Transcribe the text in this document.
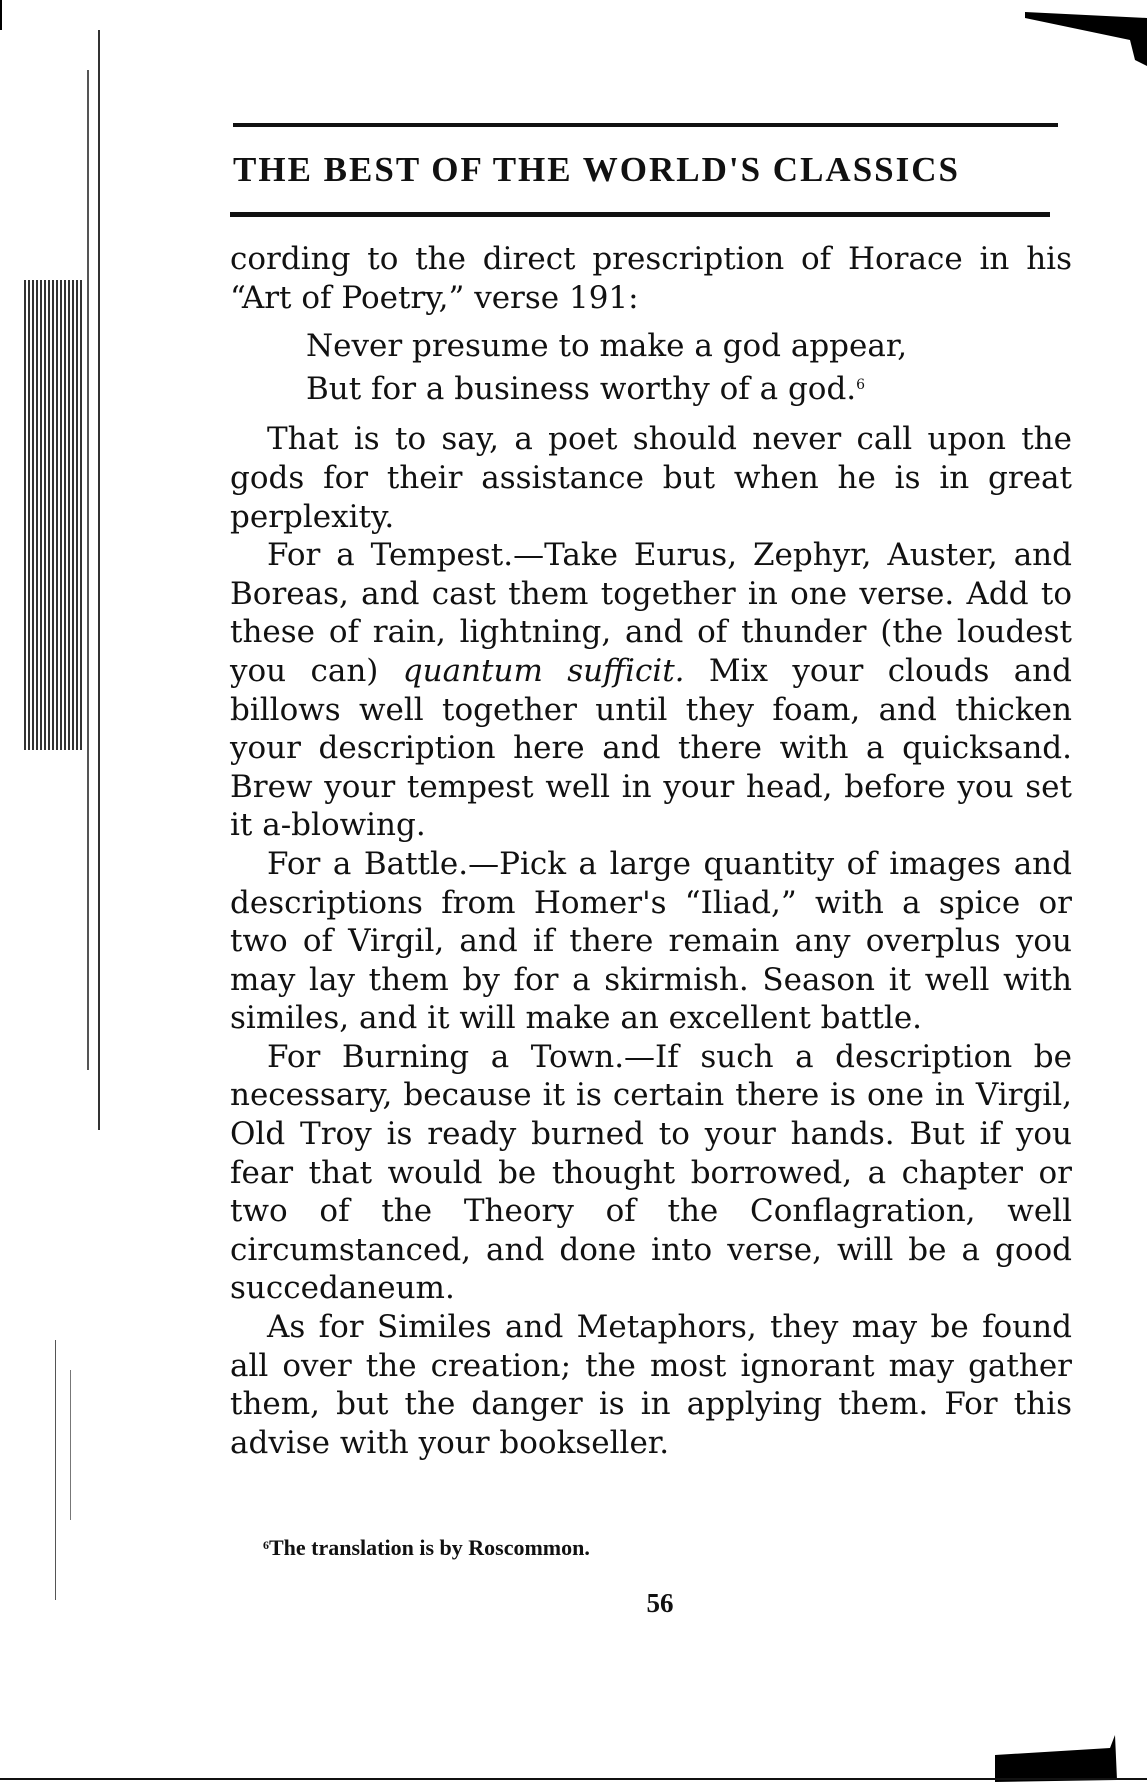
THE BEST OF THE WORLD'S CLASSICS

cording to the direct prescription of Horace in his “Art of Poetry,” verse 191:

Never presume to make a god appear,
But for a business worthy of a god.$^6$

That is to say, a poet should never call upon the gods for their assistance but when he is in great perplexity.

For a Tempest.—Take Eurus, Zephyr, Auster, and Boreas, and cast them together in one verse. Add to these of rain, lightning, and of thunder (the loudest you can) quantum sufficit. Mix your clouds and billows well together until they foam, and thicken your description here and there with a quicksand. Brew your tempest well in your head, before you set it a-blowing.

For a Battle.—Pick a large quantity of images and descriptions from Homer's “Iliad,” with a spice or two of Virgil, and if there remain any overplus you may lay them by for a skirmish. Season it well with similes, and it will make an excellent battle.

For Burning a Town.—If such a description be necessary, because it is certain there is one in Virgil, Old Troy is ready burned to your hands. But if you fear that would be thought borrowed, a chapter or two of the Theory of the Conflagration, well circumstanced, and done into verse, will be a good succedaneum.

As for Similes and Metaphors, they may be found all over the creation; the most ignorant may gather them, but the danger is in applying them. For this advise with your bookseller.

$^6$The translation is by Roscommon.
56
